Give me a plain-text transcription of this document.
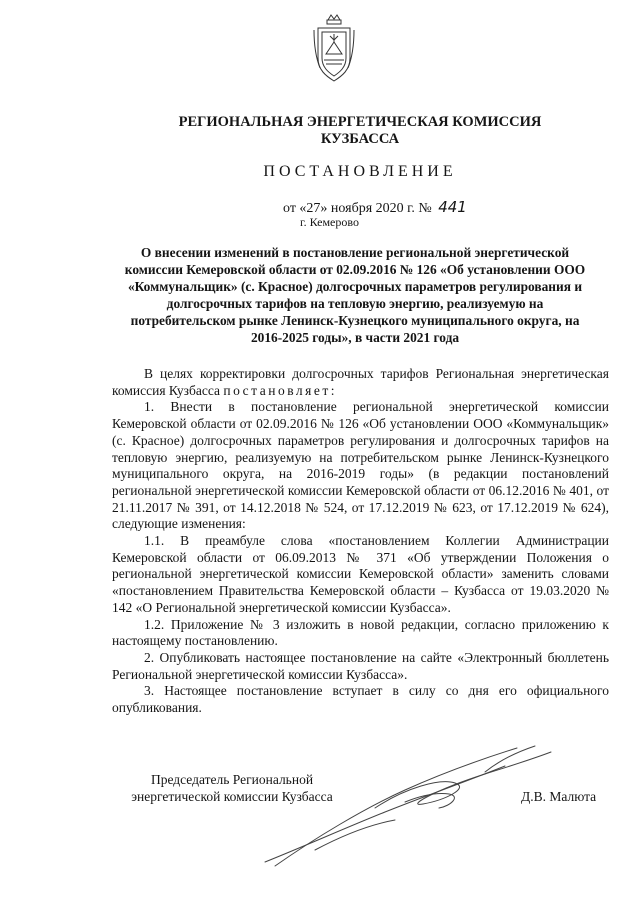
РЕГИОНАЛЬНАЯ ЭНЕРГЕТИЧЕСКАЯ КОМИССИЯ
КУЗБАССА
ПОСТАНОВЛЕНИЕ
от «27» ноября 2020 г. № 441
г. Кемерово
О внесении изменений в постановление региональной энергетической комиссии Кемеровской области от 02.09.2016 № 126 «Об установлении ООО «Коммунальщик» (с. Красное) долгосрочных параметров регулирования и долгосрочных тарифов на тепловую энергию, реализуемую на потребительском рынке Ленинск-Кузнецкого муниципального округа, на 2016-2025 годы», в части 2021 года

В целях корректировки долгосрочных тарифов Региональная энергетическая комиссия Кузбасса постановляет:

1. Внести в постановление региональной энергетической комиссии Кемеровской области от 02.09.2016 № 126 «Об установлении ООО «Коммунальщик» (с. Красное) долгосрочных параметров регулирования и долгосрочных тарифов на тепловую энергию, реализуемую на потребительском рынке Ленинск-Кузнецкого муниципального округа, на 2016-2019 годы» (в редакции постановлений региональной энергетической комиссии Кемеровской области от 06.12.2016 № 401, от 21.11.2017 № 391, от 14.12.2018 № 524, от 17.12.2019 № 623, от 17.12.2019 № 624), следующие изменения:

1.1. В преамбуле слова «постановлением Коллегии Администрации Кемеровской области от 06.09.2013 № 371 «Об утверждении Положения о региональной энергетической комиссии Кемеровской области» заменить словами «постановлением Правительства Кемеровской области – Кузбасса от 19.03.2020 № 142 «О Региональной энергетической комиссии Кузбасса».

1.2. Приложение № 3 изложить в новой редакции, согласно приложению к настоящему постановлению.

2. Опубликовать настоящее постановление на сайте «Электронный бюллетень Региональной энергетической комиссии Кузбасса».

3. Настоящее постановление вступает в силу со дня его официального опубликования.

Председатель Региональной
энергетической комиссии Кузбасса	Д.В. Малюта
